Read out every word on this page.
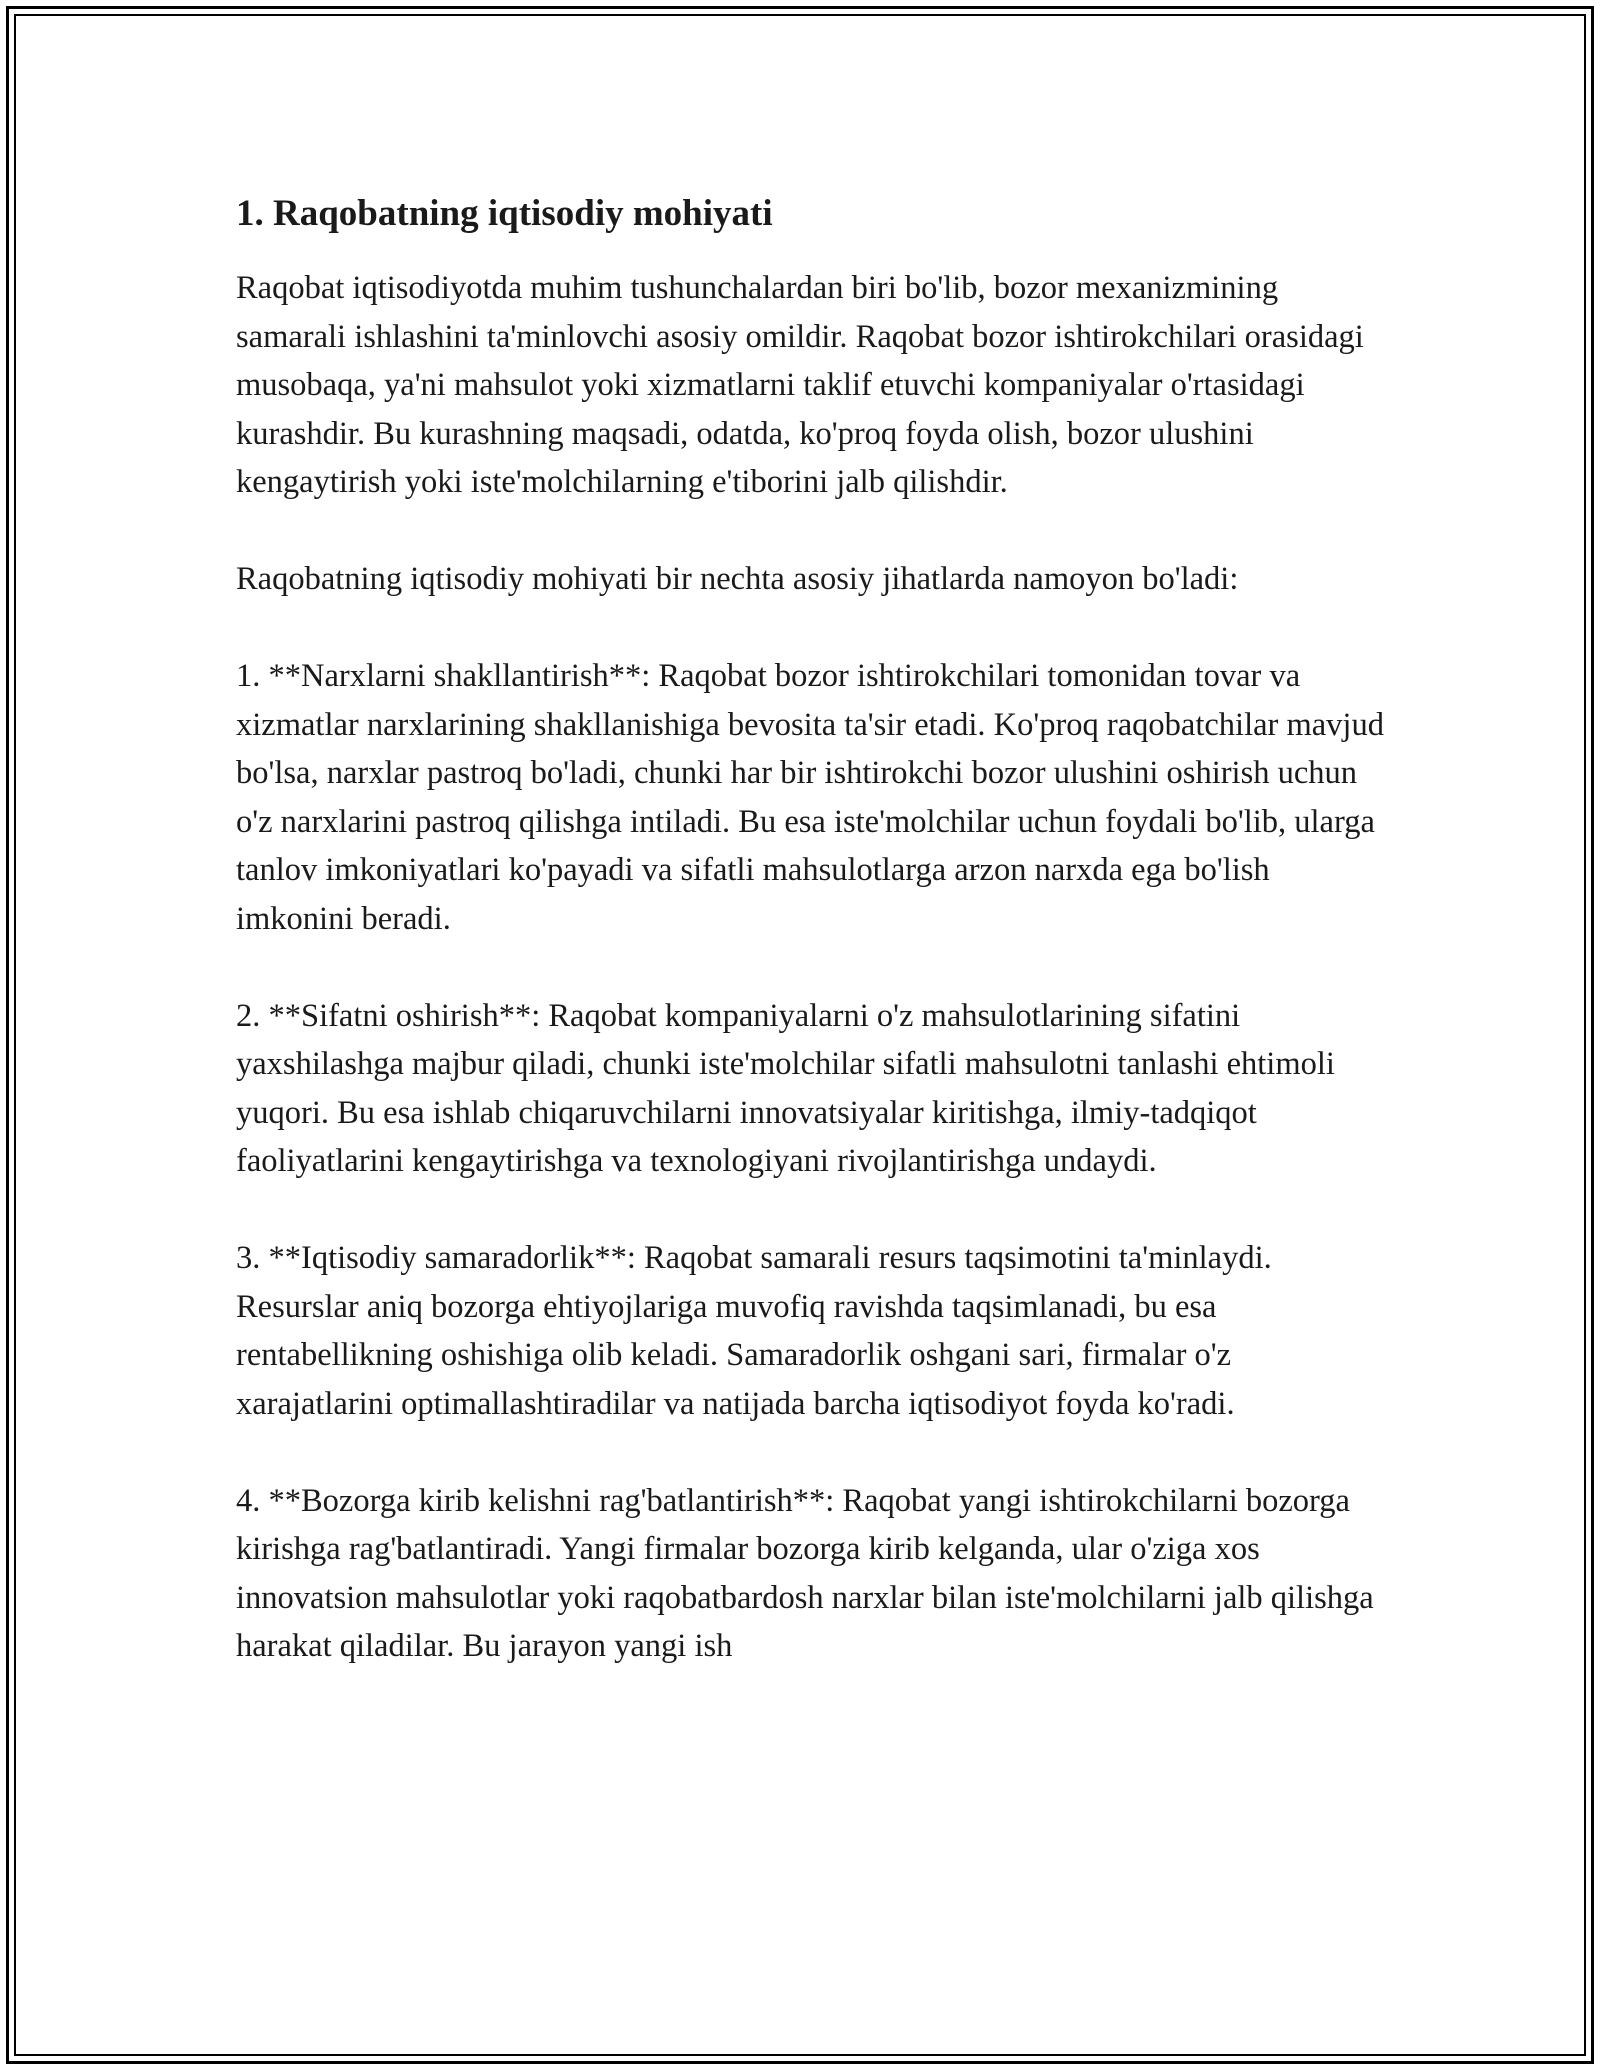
1. Raqobatning iqtisodiy mohiyati

Raqobat iqtisodiyotda muhim tushunchalardan biri bo'lib, bozor mexanizmining samarali ishlashini ta'minlovchi asosiy omildir. Raqobat bozor ishtirokchilari orasidagi musobaqa, ya'ni mahsulot yoki xizmatlarni taklif etuvchi kompaniyalar o'rtasidagi kurashdir. Bu kurashning maqsadi, odatda, ko'proq foyda olish, bozor ulushini kengaytirish yoki iste'molchilarning e'tiborini jalb qilishdir.

Raqobatning iqtisodiy mohiyati bir nechta asosiy jihatlarda namoyon bo'ladi:

1. **Narxlarni shakllantirish**: Raqobat bozor ishtirokchilari tomonidan tovar va xizmatlar narxlarining shakllanishiga bevosita ta'sir etadi. Ko'proq raqobatchilar mavjud bo'lsa, narxlar pastroq bo'ladi, chunki har bir ishtirokchi bozor ulushini oshirish uchun o'z narxlarini pastroq qilishga intiladi. Bu esa iste'molchilar uchun foydali bo'lib, ularga tanlov imkoniyatlari ko'payadi va sifatli mahsulotlarga arzon narxda ega bo'lish imkonini beradi.

2. **Sifatni oshirish**: Raqobat kompaniyalarni o'z mahsulotlarining sifatini yaxshilashga majbur qiladi, chunki iste'molchilar sifatli mahsulotni tanlashi ehtimoli yuqori. Bu esa ishlab chiqaruvchilarni innovatsiyalar kiritishga, ilmiy-tadqiqot faoliyatlarini kengaytirishga va texnologiyani rivojlantirishga undaydi.

3. **Iqtisodiy samaradorlik**: Raqobat samarali resurs taqsimotini ta'minlaydi. Resurslar aniq bozorga ehtiyojlariga muvofiq ravishda taqsimlanadi, bu esa rentabellikning oshishiga olib keladi. Samaradorlik oshgani sari, firmalar o'z xarajatlarini optimallashtiradilar va natijada barcha iqtisodiyot foyda ko'radi.

4. **Bozorga kirib kelishni rag'batlantirish**: Raqobat yangi ishtirokchilarni bozorga kirishga rag'batlantiradi. Yangi firmalar bozorga kirib kelganda, ular o'ziga xos innovatsion mahsulotlar yoki raqobatbardosh narxlar bilan iste'molchilarni jalb qilishga harakat qiladilar. Bu jarayon yangi ish
